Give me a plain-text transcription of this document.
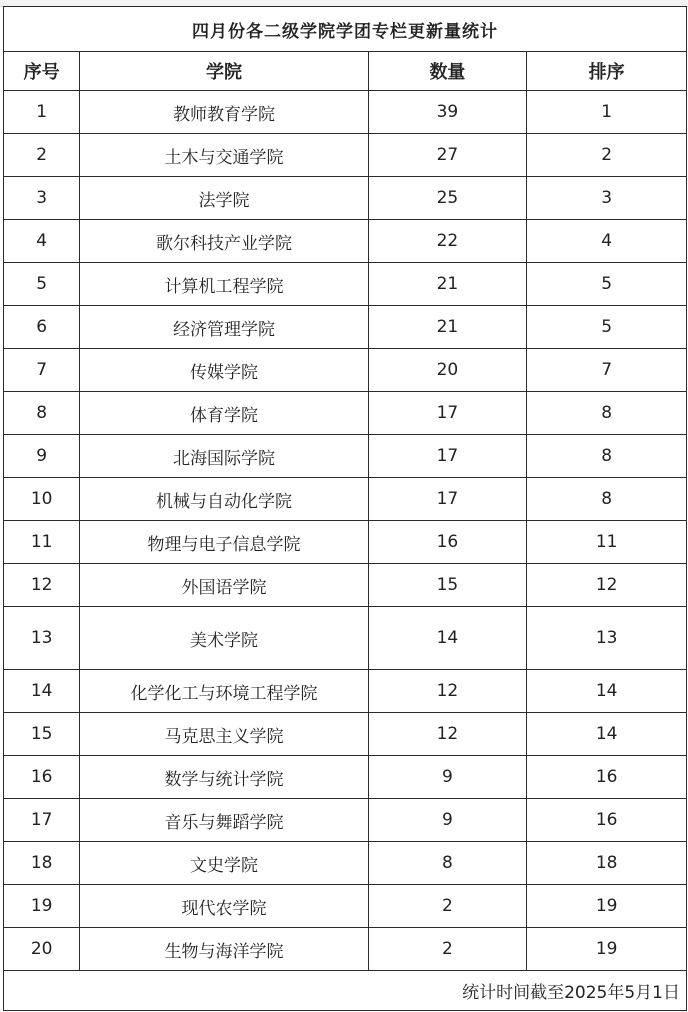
四月份各二级学院学团专栏更新量统计			
序号	学院	数量	排序
1	教师教育学院	39	1
2	土木与交通学院	27	2
3	法学院	25	3
4	歌尔科技产业学院	22	4
5	计算机工程学院	21	5
6	经济管理学院	21	5
7	传媒学院	20	7
8	体育学院	17	8
9	北海国际学院	17	8
10	机械与自动化学院	17	8
11	物理与电子信息学院	16	11
12	外国语学院	15	12
13	美术学院	14	13
14	化学化工与环境工程学院	12	14
15	马克思主义学院	12	14
16	数学与统计学院	9	16
17	音乐与舞蹈学院	9	16
18	文史学院	8	18
19	现代农学院	2	19
20	生物与海洋学院	2	19
统计时间截至2025年5月1日			
